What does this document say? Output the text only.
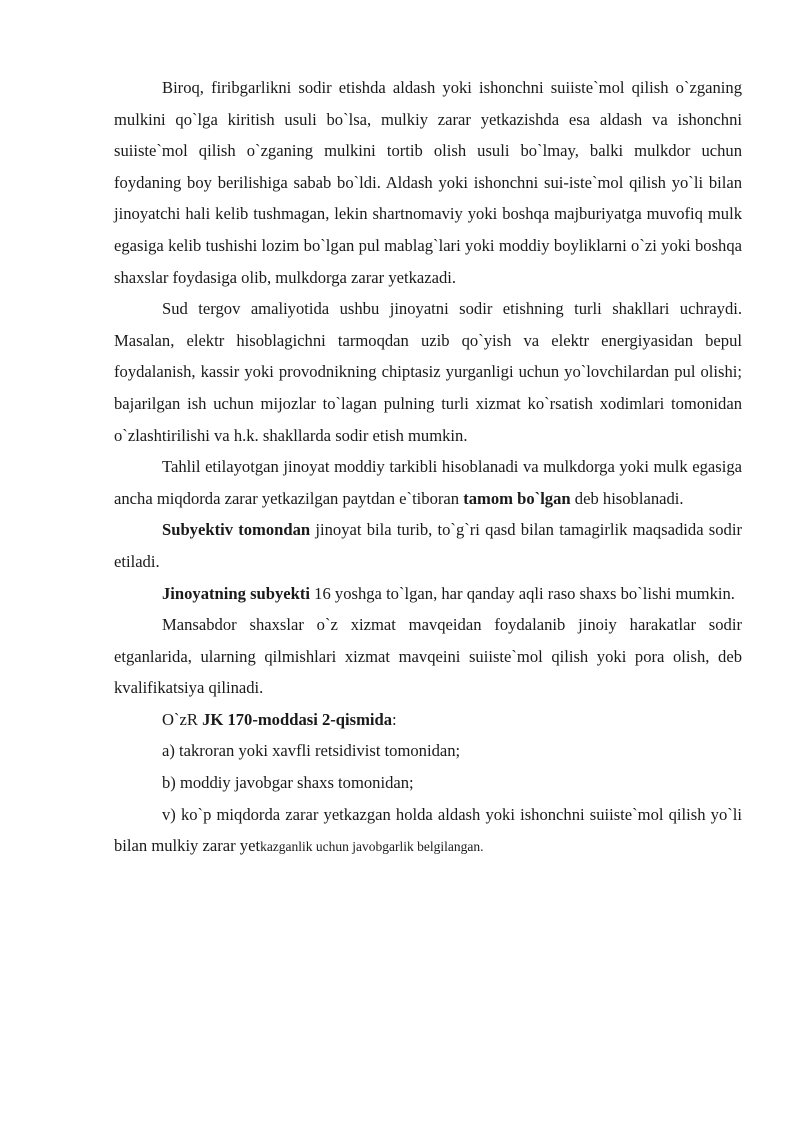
Biroq, firibgarlikni sodir etishda aldash yoki ishonchni suiiste`mol qilish o`zganing mulkini qo`lga kiritish usuli bo`lsa, mulkiy zarar yetkazishda esa aldash va ishonchni suiiste`mol qilish o`zganing mulkini tortib olish usuli bo`lmay, balki mulkdor uchun foydaning boy berilishiga sabab bo`ldi. Aldash yoki ishonchni sui-iste`mol qilish yo`li bilan jinoyatchi hali kelib tushmagan, lekin shartnomaviy yoki boshqa majburiyatga muvofiq mulk egasiga kelib tushishi lozim bo`lgan pul mablag`lari yoki moddiy boyliklarni o`zi yoki boshqa shaxslar foydasiga olib, mulkdorga zarar yetkazadi.

Sud tergov amaliyotida ushbu jinoyatni sodir etishning turli shakllari uchraydi. Masalan, elektr hisoblagichni tarmoqdan uzib qo`yish va elektr energiyasidan bepul foydalanish, kassir yoki provodnikning chiptasiz yurganligi uchun yo`lovchilardan pul olishi; bajarilgan ish uchun mijozlar to`lagan pulning turli xizmat ko`rsatish xodimlari tomonidan o`zlashtirilishi va h.k. shakllarda sodir etish mumkin.

Tahlil etilayotgan jinoyat moddiy tarkibli hisoblanadi va mulkdorga yoki mulk egasiga ancha miqdorda zarar yetkazilgan paytdan e`tiboran tamom bo`lgan deb hisoblanadi.

Subyektiv tomondan jinoyat bila turib, to`g`ri qasd bilan tamagirlik maqsadida sodir etiladi.

Jinoyatning subyekti 16 yoshga to`lgan, har qanday aqli raso shaxs bo`lishi mumkin.

Mansabdor shaxslar o`z xizmat mavqeidan foydalanib jinoiy harakatlar sodir etganlarida, ularning qilmishlari xizmat mavqeini suiiste`mol qilish yoki pora olish, deb kvalifikatsiya qilinadi.

O`zR JK 170-moddasi 2-qismida:

a) takroran yoki xavfli retsidivist tomonidan;

b) moddiy javobgar shaxs tomonidan;

v) ko`p miqdorda zarar yetkazgan holda aldash yoki ishonchni suiiste`mol qilish yo`li bilan mulkiy zarar yetkazganlik uchun javobgarlik belgilangan.
